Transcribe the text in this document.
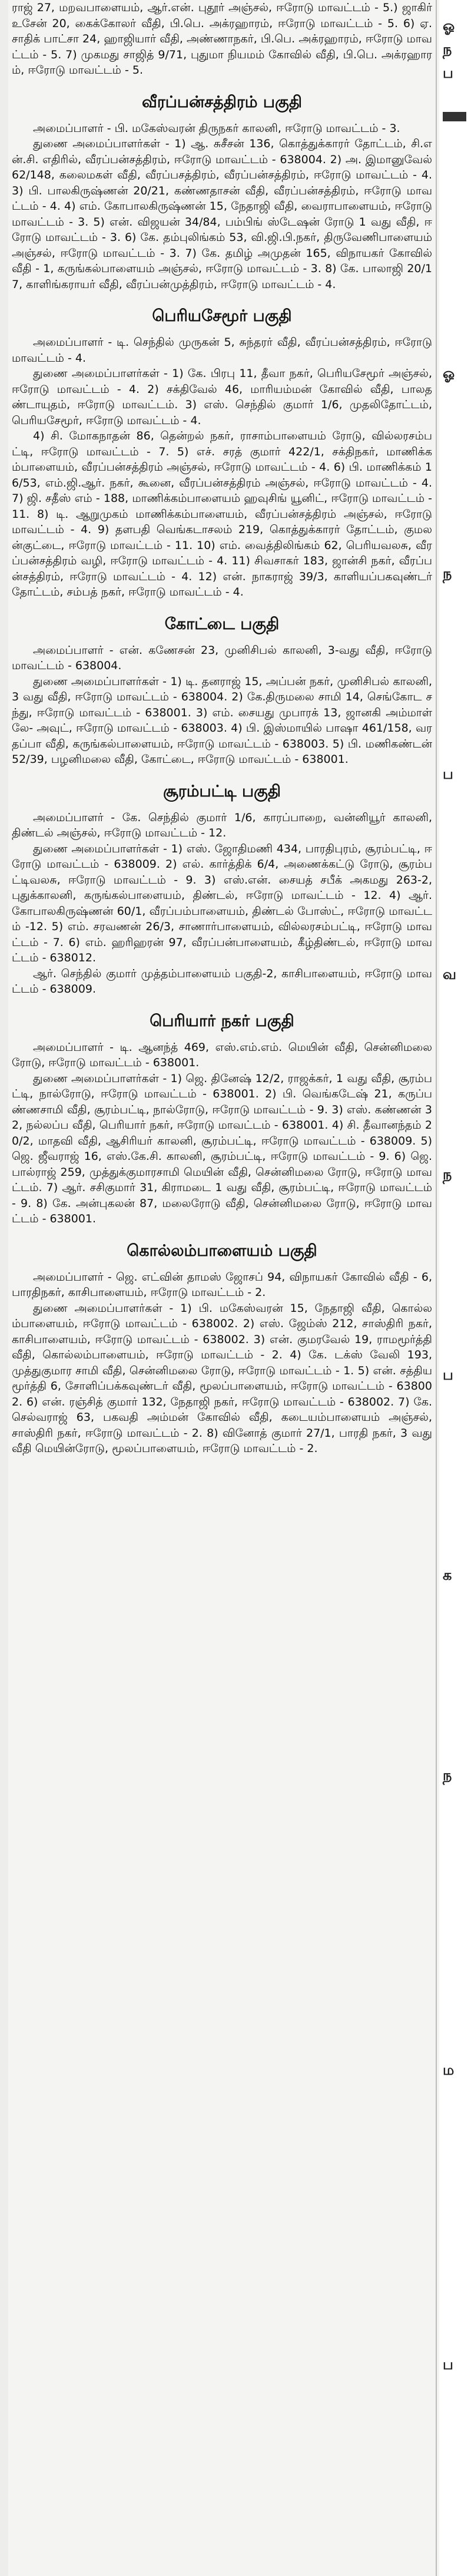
ராஜ் 27, மறவபாளையம், ஆர்.என். புதூர் அஞ்சல், ஈரோடு மாவட்டம் - 5.) ஜாகிர் உசேன் 20, கைக்கோலர் வீதி, பி.பெ. அக்ரஹாரம், ஈரோடு மாவட்டம் - 5. 6) ஏ. சாதிக் பாட்சா 24, ஹாஜியார் வீதி, அண்ணாநகர், பி.பெ. அக்ரஹாரம், ஈரோடு மாவட்டம் - 5. 7) முகமது சாஜித் 9/71, புதுமா நியமம் கோவில் வீதி, பி.பெ. அக்ரஹாரம், ஈரோடு மாவட்டம் - 5.

வீரப்பன்சத்திரம் பகுதி

அமைப்பாளர் - பி. மகேஸ்வரன் திருநகர் காலனி, ஈரோடு மாவட்டம் - 3.

துணை அமைப்பாளர்கள் - 1) ஆ. சுசீசன் 136, கொத்துக்காரர் தோட்டம், சி.என்.சி. எதிரில், வீரப்பன்சத்திரம், ஈரோடு மாவட்டம் - 638004. 2) அ. இமானுவேல் 62/148, கலைமகள் வீதி, வீரப்பசத்திரம், வீரப்பன்சத்திரம், ஈரோடு மாவட்டம் - 4. 3) பி. பாலகிருஷ்ணன் 20/21, கண்ணதாசன் வீதி, வீரப்பன்சத்திரம், ஈரோடு மாவட்டம் - 4. 4) எம். கோபாலகிருஷ்ணன் 15, நேதாஜி வீதி, வைராபாளையம், ஈரோடு மாவட்டம் - 3. 5) என். விஜயன் 34/84, பம்பிங் ஸ்டேஷன் ரோடு 1 வது வீதி, ஈரோடு மாவட்டம் - 3. 6) கே. தம்புலிங்கம் 53, வி.ஜி.பி.நகர், திருவேணிபாளையம் அஞ்சல், ஈரோடு மாவட்டம் - 3. 7) கே. தமிழ் அமுதன் 165, விநாயகர் கோவில் வீதி - 1, கருங்கல்பாளையம் அஞ்சல், ஈரோடு மாவட்டம் - 3. 8) கே. பாலாஜி 20/17, காளிங்கராயர் வீதி, வீரப்பன்முத்திரம், ஈரோடு மாவட்டம் - 4.

பெரியசேமூர் பகுதி

அமைப்பாளர் - டி. செந்தில் முருகன் 5, சுந்தரர் வீதி, வீரப்பன்சத்திரம், ஈரோடு மாவட்டம் - 4.

துணை அமைப்பாளர்கள் - 1) கே. பிரபு 11, தீவா நகர், பெரியசேமூர் அஞ்சல், ஈரோடு மாவட்டம் - 4. 2) சக்திவேல் 46, மாரியம்மன் கோவில் வீதி, பாலதண்டாயுதம், ஈரோடு மாவட்டம். 3) எஸ். செந்தில் குமார் 1/6, முதலிதோட்டம், பெரியசேமூர், ஈரோடு மாவட்டம் - 4.

4) சி. மோகநாதன் 86, தென்றல் நகர், ராசாம்பாளையம் ரோடு, வில்லரசம்பட்டி, ஈரோடு மாவட்டம் - 7. 5) எச். சரத் குமார் 422/1, சக்திநகர், மாணிக்கம்பாளையம், வீரப்பன்சத்திரம் அஞ்சல், ஈரோடு மாவட்டம் - 4. 6) பி. மாணிக்கம் 16/53, எம்.ஜி.ஆர். நகர், கூனை, வீரப்பன்சத்திரம் அஞ்சல், ஈரோடு மாவட்டம் - 4. 7) ஜி. சதீஸ் எம் - 188, மாணிக்கம்பாளையம் ஹவுசிங் யூனிட், ஈரோடு மாவட்டம் - 11. 8) டி. ஆறுமுகம் மாணிக்கம்பாளையம், வீரப்பன்சத்திரம் அஞ்சல், ஈரோடு மாவட்டம் - 4. 9) தளபதி வெங்கடாசலம் 219, கொத்துக்காரர் தோட்டம், குமலன்குட்டை, ஈரோடு மாவட்டம் - 11. 10) எம். வைத்திலிங்கம் 62, பெரியவலசு, வீரப்பன்சத்திரம் வழி, ஈரோடு மாவட்டம் - 4. 11) சிவசாகர் 183, ஜான்சி நகர், வீரப்பன்சத்திரம், ஈரோடு மாவட்டம் - 4. 12) என். நாகராஜ் 39/3, காளியப்பகவுண்டர் தோட்டம், சம்பத் நகர், ஈரோடு மாவட்டம் - 4.

கோட்டை பகுதி

அமைப்பாளர் - என். கணேசன் 23, முனிசிபல் காலனி, 3-வது வீதி, ஈரோடு மாவட்டம் - 638004.

துணை அமைப்பாளர்கள் - 1) டி. தனராஜ் 15, அப்பன் நகர், முனிசிபல் காலனி, 3 வது வீதி, ஈரோடு மாவட்டம் - 638004. 2) கே.திருமலை சாமி 14, செங்கோட சந்து, ஈரோடு மாவட்டம் - 638001. 3) எம். சையது முபாரக் 13, ஜானகி அம்மாள் லே- அவுட், ஈரோடு மாவட்டம் - 638003. 4) பி. இஸ்மாயில் பாஷா 461/158, வரதப்பா வீதி, கருங்கல்பாளையம், ஈரோடு மாவட்டம் - 638003. 5) பி. மணிகண்டன் 52/39, பழனிமலை வீதி, கோட்டை, ஈரோடு மாவட்டம் - 638001.

சூரம்பட்டி பகுதி

அமைப்பாளர் - கே. செந்தில் குமார் 1/6, காரப்பாறை, வன்னியூர் காலனி, திண்டல் அஞ்சல், ஈரோடு மாவட்டம் - 12.

துணை அமைப்பாளர்கள் - 1) எஸ். ஜோதிமணி 434, பாரதிபுரம், சூரம்பட்டி, ஈரோடு மாவட்டம் - 638009. 2) எல். கார்த்திக் 6/4, அணைக்கட்டு ரோடு, சூரம்பட்டிவலசு, ஈரோடு மாவட்டம் - 9. 3) எஸ்.என். சையத் சபீக் அகமது 263-2, புதுக்காலனி, கருங்கல்பாளையம், திண்டல், ஈரோடு மாவட்டம் - 12. 4) ஆர். கோபாலகிருஷ்ணன் 60/1, வீரப்பம்பாளையம், திண்டல் போஸ்ட், ஈரோடு மாவட்டம் -12. 5) எம். சரவணன் 26/3, சாணார்பாளையம், வில்லரசம்பட்டி, ஈரோடு மாவட்டம் - 7. 6) எம். ஹரிஹரன் 97, வீரப்பன்பாளையம், கீழ்திண்டல், ஈரோடு மாவட்டம் - 638012.

ஆர். செந்தில் குமார் முத்தம்பாளையம் பகுதி-2, காசிபாளையம், ஈரோடு மாவட்டம் - 638009.

பெரியார் நகர் பகுதி

அமைப்பாளர் - டி. ஆனந்த் 469, எஸ்.எம்.எம். மெயின் வீதி, சென்னிமலை ரோடு, ஈரோடு மாவட்டம் - 638001.

துணை அமைப்பாளர்கள் - 1) ஜெ. தினேஷ் 12/2, ராஜக்கர், 1 வது வீதி, சூரம்பட்டி, நால்ரோடு, ஈரோடு மாவட்டம் - 638001. 2) பி. வெங்கடேஷ் 21, கருப்பண்ணசாமி வீதி, சூரம்பட்டி, நால்ரோடு, ஈரோடு மாவட்டம் - 9. 3) எஸ். கண்ணன் 32, நல்லப்ப வீதி, பெரியார் நகர், ஈரோடு மாவட்டம் - 638001. 4) சி. தீவானந்தம் 20/2, மாதவி வீதி, ஆசிரியர் காலனி, சூரம்பட்டி, ஈரோடு மாவட்டம் - 638009. 5) ஜெ. ஜீவராஜ் 16, எஸ்.கே.சி. காலனி, சூரம்பட்டி, ஈரோடு மாவட்டம் - 9. 6) ஜெ. பால்ராஜ் 259, முத்துக்குமாரசாமி மெயின் வீதி, சென்னிமலை ரோடு, ஈரோடு மாவட்டம். 7) ஆர். சசிகுமார் 31, கிராமடை 1 வது வீதி, சூரம்பட்டி, ஈரோடு மாவட்டம் - 9. 8) கே. அன்புகலன் 87, மலைரோடு வீதி, சென்னிமலை ரோடு, ஈரோடு மாவட்டம் - 638001.

கொல்லம்பாளையம் பகுதி

அமைப்பாளர் - ஜெ. எட்வின் தாமஸ் ஜோசப் 94, விநாயகர் கோவில் வீதி - 6, பாரதிநகர், காசிபாளையம், ஈரோடு மாவட்டம் - 2.

துணை அமைப்பாளர்கள் - 1) பி. மகேஸ்வரன் 15, நேதாஜி வீதி, கொல்லம்பாளையம், ஈரோடு மாவட்டம் - 638002. 2) எஸ். ஜேம்ஸ் 212, சாஸ்திரி நகர், காசிபாளையம், ஈரோடு மாவட்டம் - 638002. 3) என். குமரவேல் 19, ராமமூர்த்தி வீதி, கொல்லம்பாளையம், ஈரோடு மாவட்டம் - 2. 4) கே. டக்ஸ் வேலி 193, முத்துகுமார சாமி வீதி, சென்னிமலை ரோடு, ஈரோடு மாவட்டம் - 1. 5) என். சத்தியமூர்த்தி 6, சோளிப்பக்கவுண்டர் வீதி, மூலப்பாளையம், ஈரோடு மாவட்டம் - 638002. 6) என். ரஞ்சித் குமார் 132, நேதாஜி நகர், ஈரோடு மாவட்டம் - 638002. 7) கே. செல்வராஜ் 63, பகவதி அம்மன் கோவில் வீதி, கடையம்பாளையம் அஞ்சல், சாஸ்திரி நகர், ஈரோடு மாவட்டம் - 2. 8) வினோத் குமார் 27/1, பாரதி நகர், 3 வது வீதி மெயின்ரோடு, மூலப்பாளையம், ஈரோடு மாவட்டம் - 2.

ஓ
ந
ப
ஓ
ந
ப
வ
ந
ப
க
ந
ம
ப
